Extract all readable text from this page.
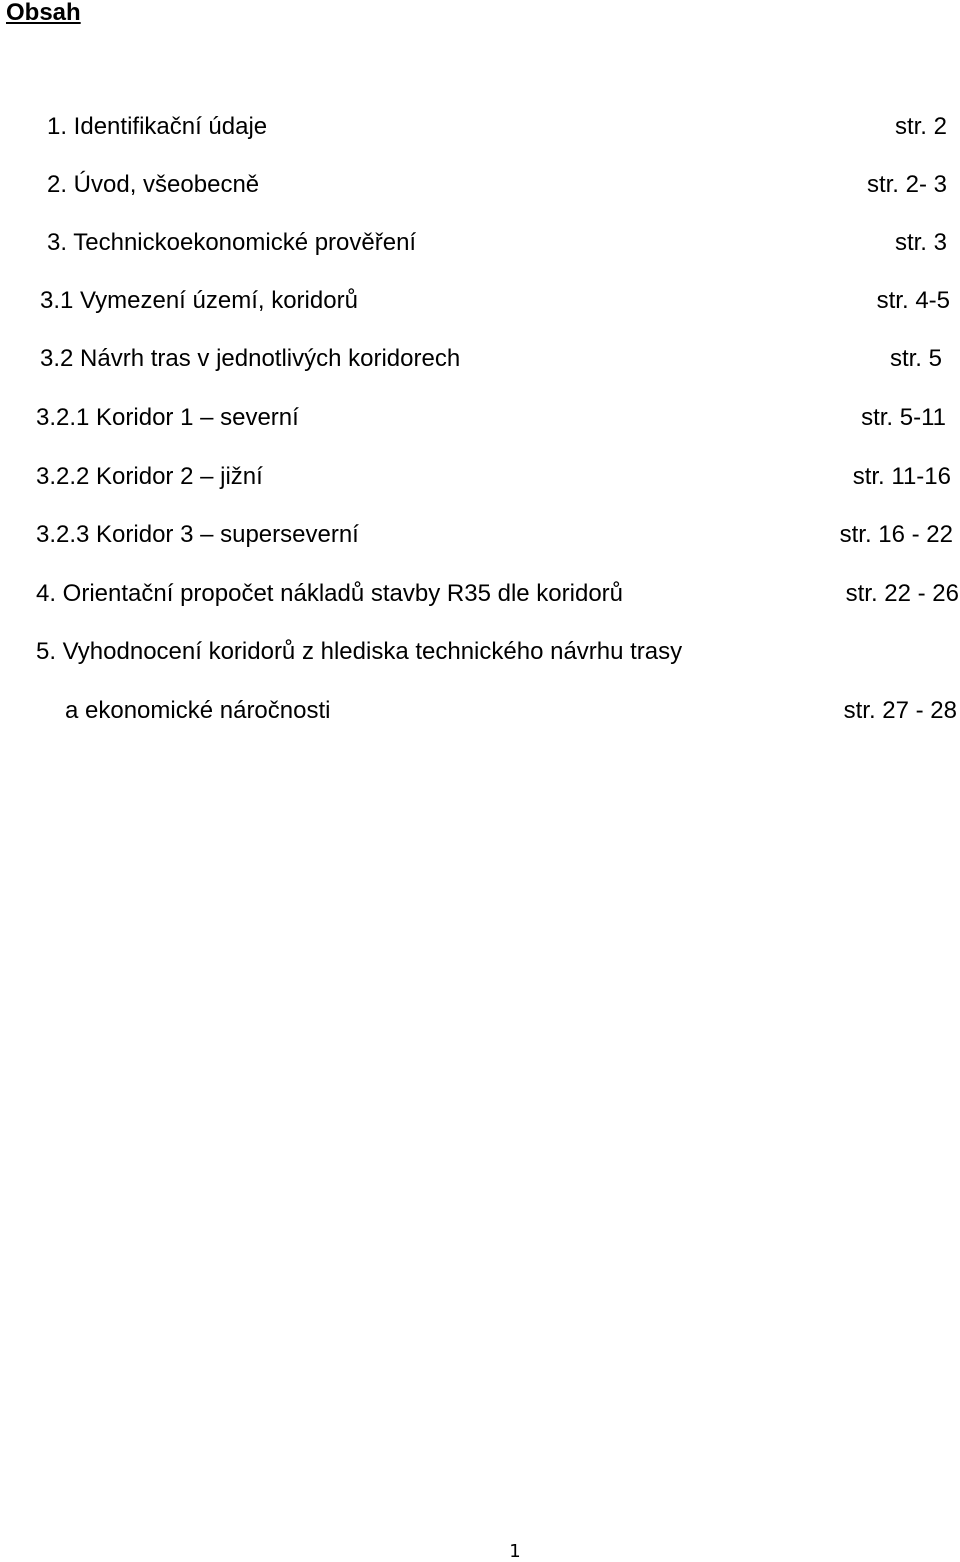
Obsah
1. Identifikační údaje	str. 2
2. Úvod, všeobecně	str. 2- 3
3. Technickoekonomické prověření	str. 3
3.1 Vymezení území, koridorů	str. 4-5
3.2 Návrh tras v jednotlivých koridorech	str. 5
3.2.1 Koridor 1 – severní	str. 5-11
3.2.2 Koridor 2 – jižní	str. 11-16
3.2.3 Koridor 3 – superseverní	str. 16 - 22
4. Orientační propočet nákladů stavby R35 dle koridorů	str. 22 - 26
5. Vyhodnocení koridorů z hlediska technického návrhu trasy
a ekonomické náročnosti	str. 27 - 28
1
